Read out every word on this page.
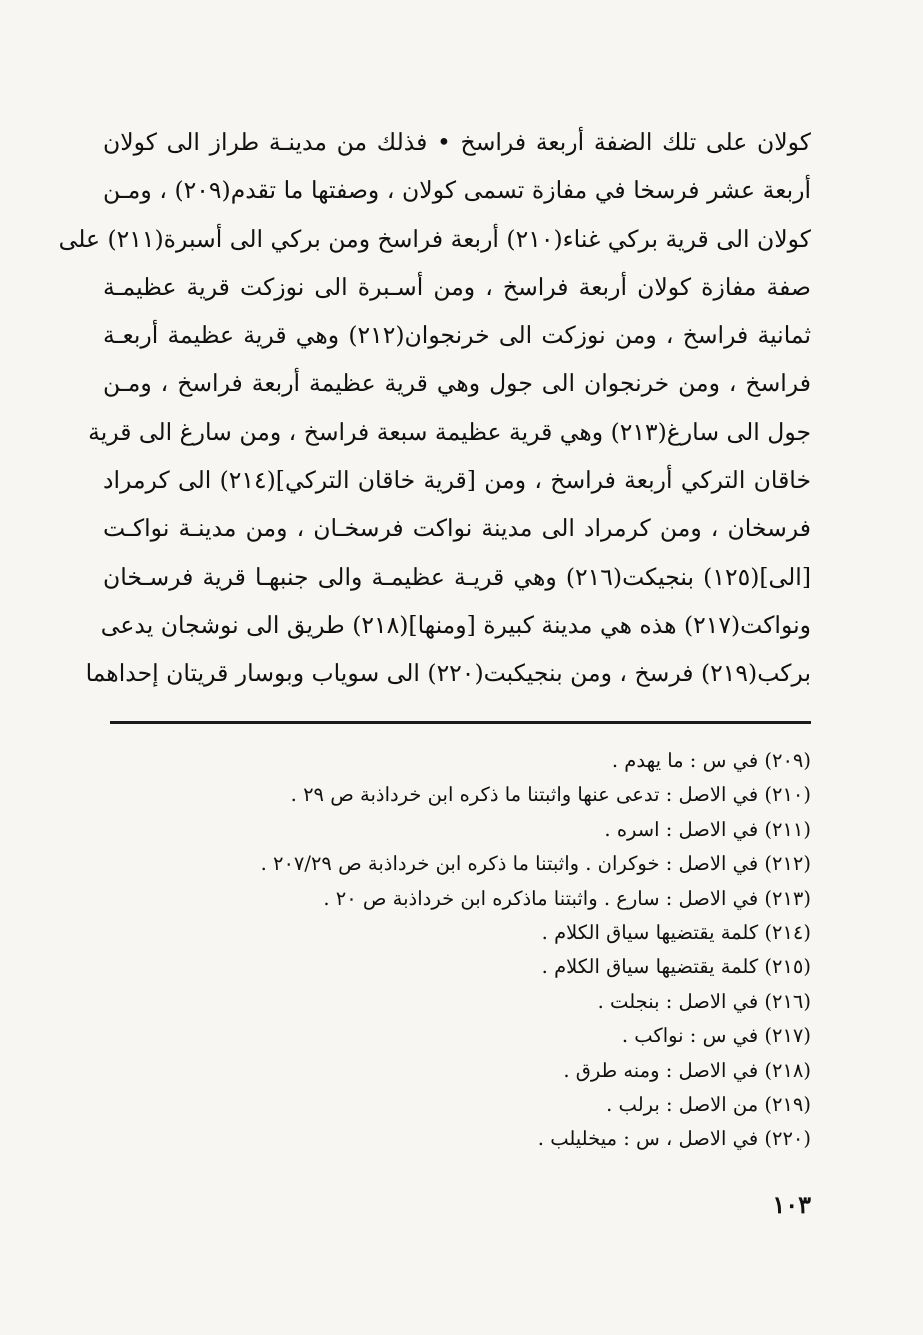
كولان على تلك الضفة أربعة فراسخ • فذلك من مدينـة طراز الى كولان
أربعة عشر فرسخا في مفازة تسمى كولان ، وصفتها ما تقدم(٢٠٩) ، ومـن
كولان الى قرية بركي غناء(٢١٠) أربعة فراسخ ومن بركي الى أسبرة(٢١١) على
صفة مفازة كولان أربعة فراسخ ، ومن أسـبرة الى نوزكت قرية عظيمـة
ثمانية فراسخ ، ومن نوزكت الى خرنجوان(٢١٢) وهي قرية عظيمة أربعـة
فراسخ ، ومن خرنجوان الى جول وهي قرية عظيمة أربعة فراسخ ، ومـن
جول الى سارغ(٢١٣) وهي قرية عظيمة سبعة فراسخ ، ومن سارغ الى قرية
خاقان التركي أربعة فراسخ ، ومن [قرية خاقان التركي](٢١٤) الى كرمراد
فرسخان ، ومن كرمراد الى مدينة نواكت فرسخـان ، ومن مدينـة نواكـت
[الى](١٢٥) بنجيكت(٢١٦) وهي قريـة عظيمـة والى جنبهـا قرية فرسـخان
ونواكت(٢١٧) هذه هي مدينة كبيرة [ومنها](٢١٨) طريق الى نوشجان يدعى
بركب(٢١٩) فرسخ ، ومن بنجيكبت(٢٢٠) الى سوياب وبوسار قريتان إحداهما
(٢٠٩) في س : ما يهدم .
(٢١٠) في الاصل : تدعى عنها واثبتنا ما ذكره ابن خرداذبة ص ٢٩ .
(٢١١) في الاصل : اسره .
(٢١٢) في الاصل : خوكران . واثبتنا ما ذكره ابن خرداذبة ص ٢٠٧/٢٩ .
(٢١٣) في الاصل : سارع . واثبتنا ماذكره ابن خرداذبة ص ٢٠ .
(٢١٤) كلمة يقتضيها سياق الكلام .
(٢١٥) كلمة يقتضيها سياق الكلام .
(٢١٦) في الاصل : بنجلت .
(٢١٧) في س : نواكب .
(٢١٨) في الاصل : ومنه طرق .
(٢١٩) من الاصل : برلب .
(٢٢٠) في الاصل ، س : ميخليلب .
١٠٣
